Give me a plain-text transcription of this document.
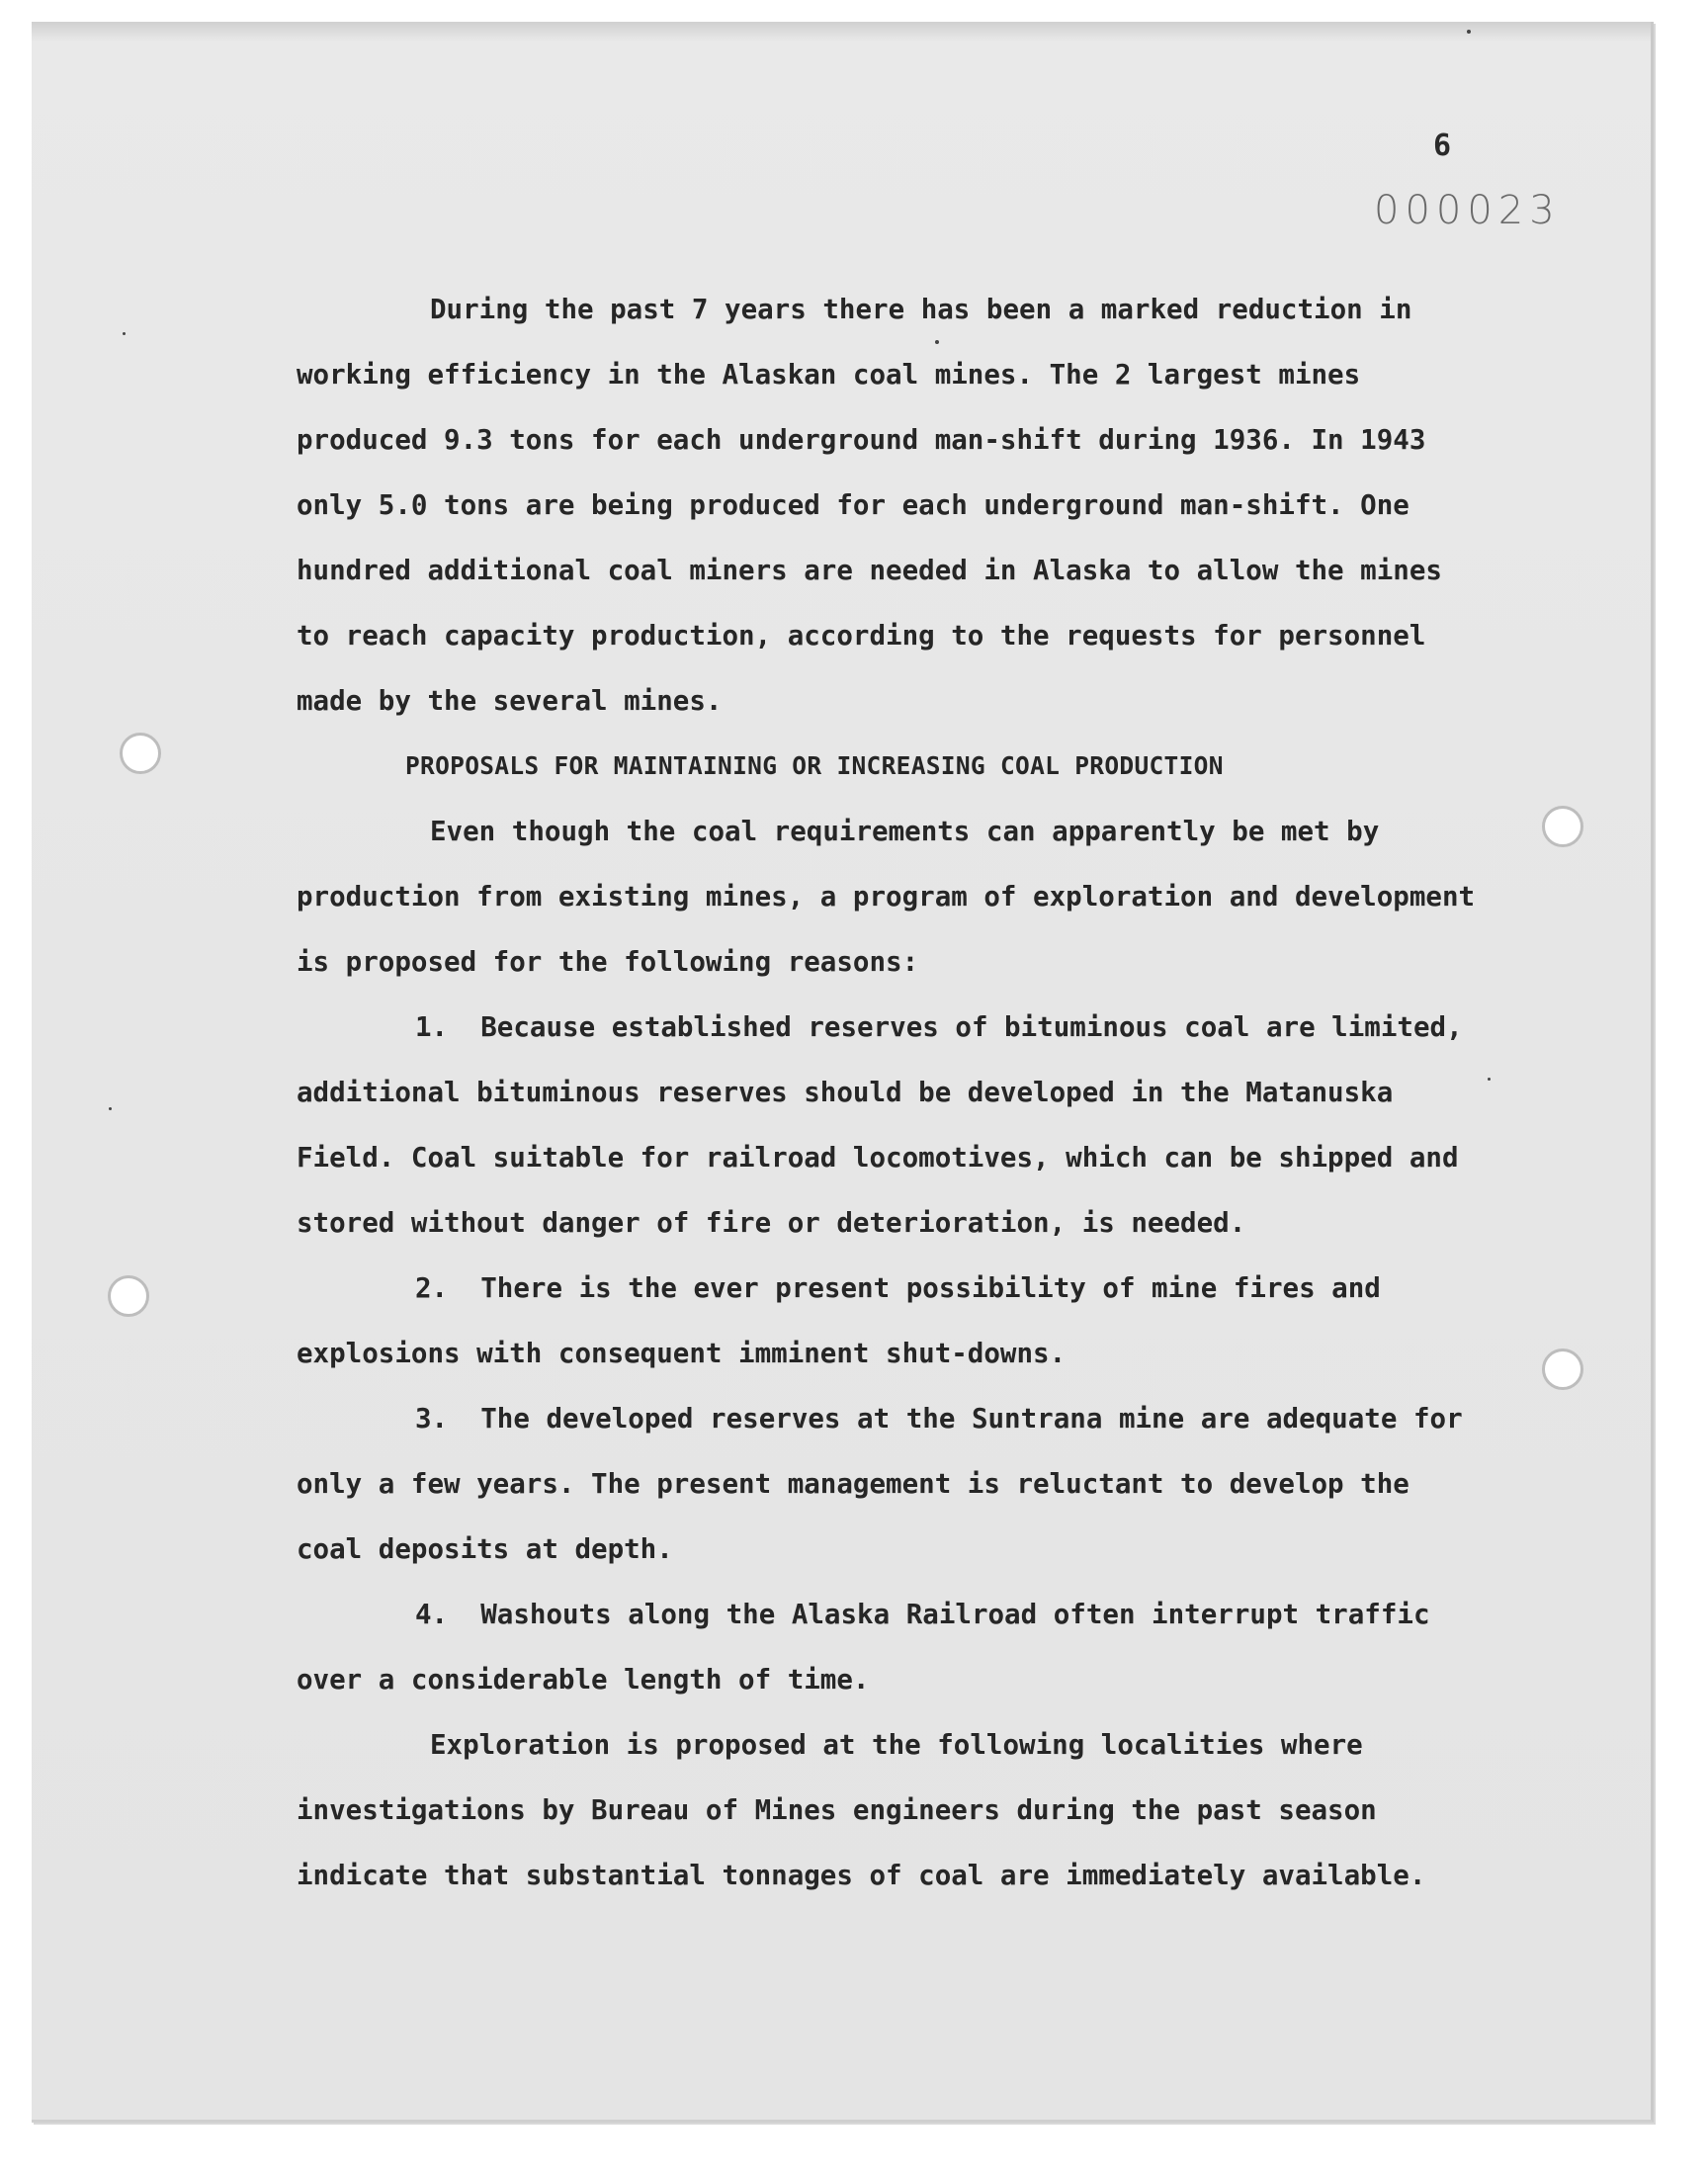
6
000023

During the past 7 years there has been a marked reduction in working efficiency in the Alaskan coal mines. The 2 largest mines produced 9.3 tons for each underground man-shift during 1936. In 1943 only 5.0 tons are being produced for each underground man-shift. One hundred additional coal miners are needed in Alaska to allow the mines to reach capacity production, according to the requests for personnel made by the several mines.

PROPOSALS FOR MAINTAINING OR INCREASING COAL PRODUCTION

Even though the coal requirements can apparently be met by production from existing mines, a program of exploration and development is proposed for the following reasons:

1. Because established reserves of bituminous coal are limited, additional bituminous reserves should be developed in the Matanuska Field. Coal suitable for railroad locomotives, which can be shipped and stored without danger of fire or deterioration, is needed.

2. There is the ever present possibility of mine fires and explosions with consequent imminent shut-downs.

3. The developed reserves at the Suntrana mine are adequate for only a few years. The present management is reluctant to develop the coal deposits at depth.

4. Washouts along the Alaska Railroad often interrupt traffic over a considerable length of time.

Exploration is proposed at the following localities where investigations by Bureau of Mines engineers during the past season indicate that substantial tonnages of coal are immediately available.
